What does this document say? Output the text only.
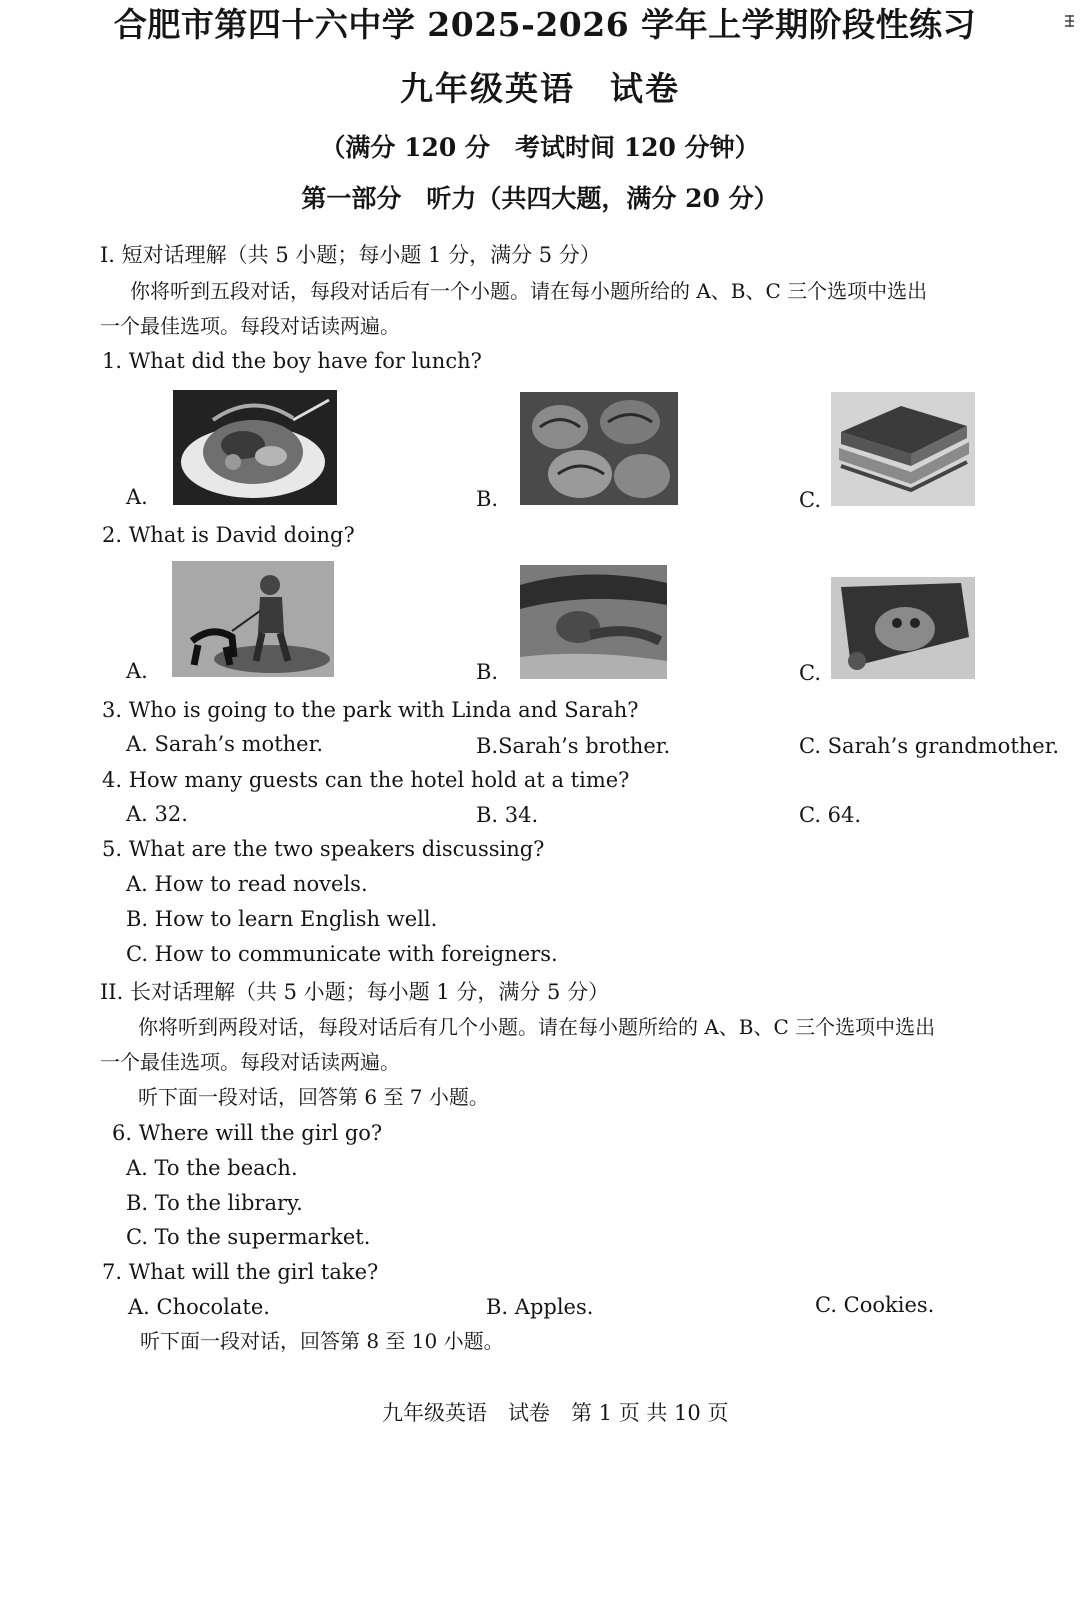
合肥市第四十六中学 2025-2026 学年上学期阶段性练习
九年级英语　试卷
（满分 120 分　考试时间 120 分钟）
第一部分　听力（共四大题，满分 20 分）
I. 短对话理解（共 5 小题；每小题 1 分，满分 5 分）
你将听到五段对话，每段对话后有一个小题。请在每小题所给的 A、B、C 三个选项中选出
一个最佳选项。每段对话读两遍。
1. What did the boy have for lunch?
A.	B.	C.
2. What is David doing?
A.	B.	C.
3. Who is going to the park with Linda and Sarah?
A. Sarah’s mother.	B.Sarah’s brother.	C. Sarah’s grandmother.
4. How many guests can the hotel hold at a time?
A. 32.	B. 34.	C. 64.
5. What are the two speakers discussing?
A. How to read novels.
B. How to learn English well.
C. How to communicate with foreigners.
II. 长对话理解（共 5 小题；每小题 1 分，满分 5 分）
你将听到两段对话，每段对话后有几个小题。请在每小题所给的 A、B、C 三个选项中选出
一个最佳选项。每段对话读两遍。
听下面一段对话，回答第 6 至 7 小题。
6. Where will the girl go?
A. To the beach.
B. To the library.
C. To the supermarket.
7. What will the girl take?
A. Chocolate.	B. Apples.	C. Cookies.
听下面一段对话，回答第 8 至 10 小题。
九年级英语　试卷　第 1 页 共 10 页
